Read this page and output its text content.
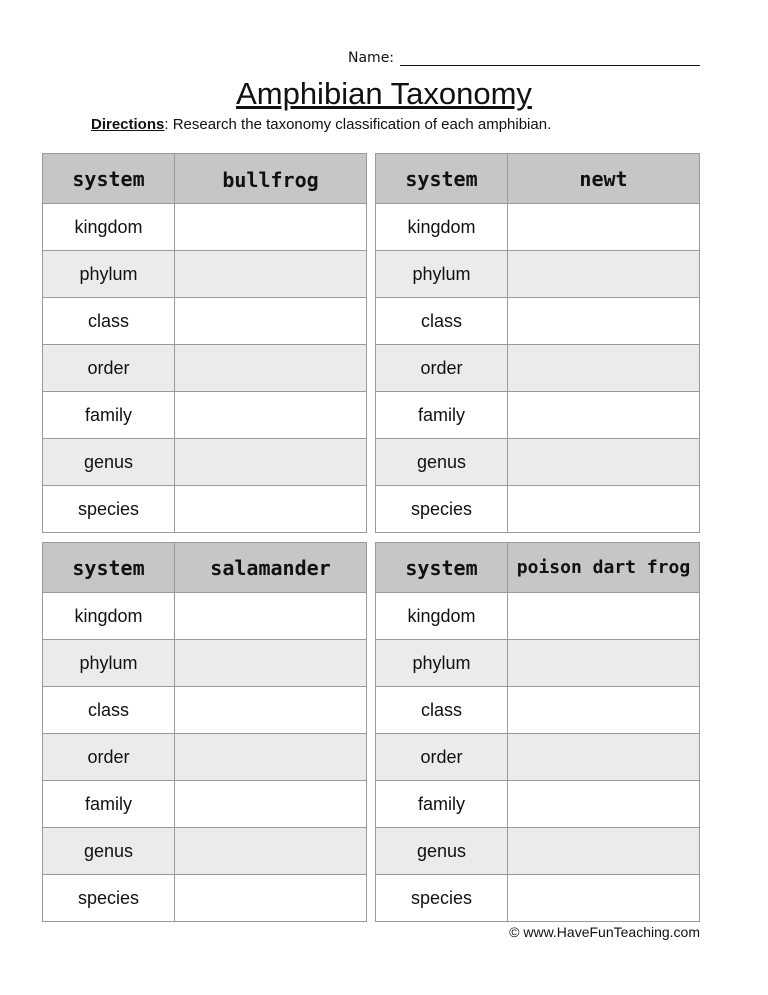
Name:
Amphibian Taxonomy
Directions: Research the taxonomy classification of each amphibian.
system	bullfrog
kingdom	
phylum	
class	
order	
family	
genus	
species	
system	newt
kingdom	
phylum	
class	
order	
family	
genus	
species	
system	salamander
kingdom	
phylum	
class	
order	
family	
genus	
species	
system	poison dart frog
kingdom	
phylum	
class	
order	
family	
genus	
species	
© www.HaveFunTeaching.com
